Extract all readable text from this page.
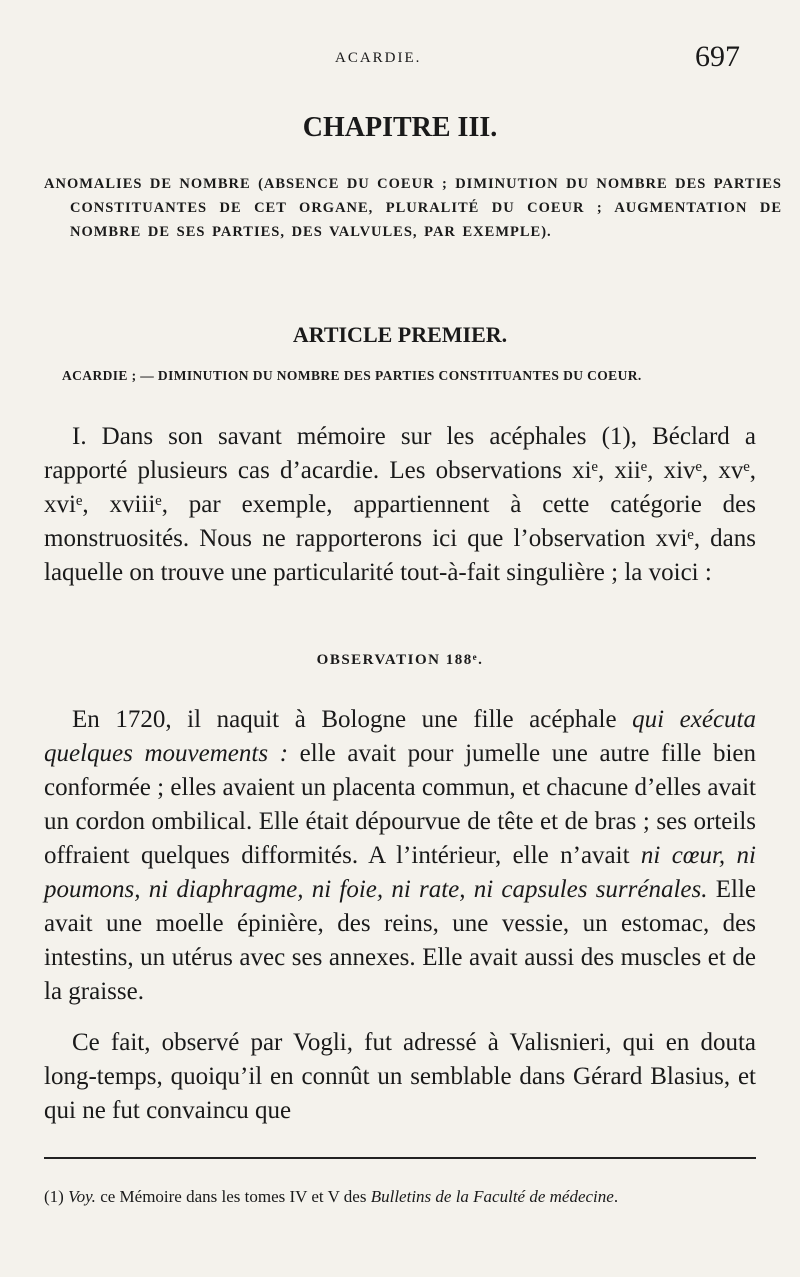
ACARDIE.	697
CHAPITRE III.
ANOMALIES DE NOMBRE (ABSENCE DU COEUR ; DIMINUTION DU NOMBRE DES PARTIES CONSTITUANTES DE CET ORGANE, PLURALITÉ DU COEUR ; AUGMENTATION DE NOMBRE DE SES PARTIES, DES VALVULES, PAR EXEMPLE).
ARTICLE PREMIER.
ACARDIE ; — DIMINUTION DU NOMBRE DES PARTIES CONSTITUANTES DU COEUR.

I. Dans son savant mémoire sur les acéphales (1), Béclard a rapporté plusieurs cas d’acardie. Les observations xiᵉ, xiiᵉ, xivᵉ, xvᵉ, xviᵉ, xviiiᵉ, par exemple, appartiennent à cette catégorie des monstruosités. Nous ne rapporterons ici que l’observation xviᵉ, dans laquelle on trouve une particularité tout-à-fait singulière ; la voici :

OBSERVATION 188ᵉ.

En 1720, il naquit à Bologne une fille acéphale qui exécuta quelques mouvements : elle avait pour jumelle une autre fille bien conformée ; elles avaient un placenta commun, et chacune d’elles avait un cordon ombilical. Elle était dépourvue de tête et de bras ; ses orteils offraient quelques difformités. A l’intérieur, elle n’avait ni cœur, ni poumons, ni diaphragme, ni foie, ni rate, ni capsules surrénales. Elle avait une moelle épinière, des reins, une vessie, un estomac, des intestins, un utérus avec ses annexes. Elle avait aussi des muscles et de la graisse.

Ce fait, observé par Vogli, fut adressé à Valisnieri, qui en douta long-temps, quoiqu’il en connût un semblable dans Gérard Blasius, et qui ne fut convaincu que

(1) Voy. ce Mémoire dans les tomes IV et V des Bulletins de la Faculté de médecine.
